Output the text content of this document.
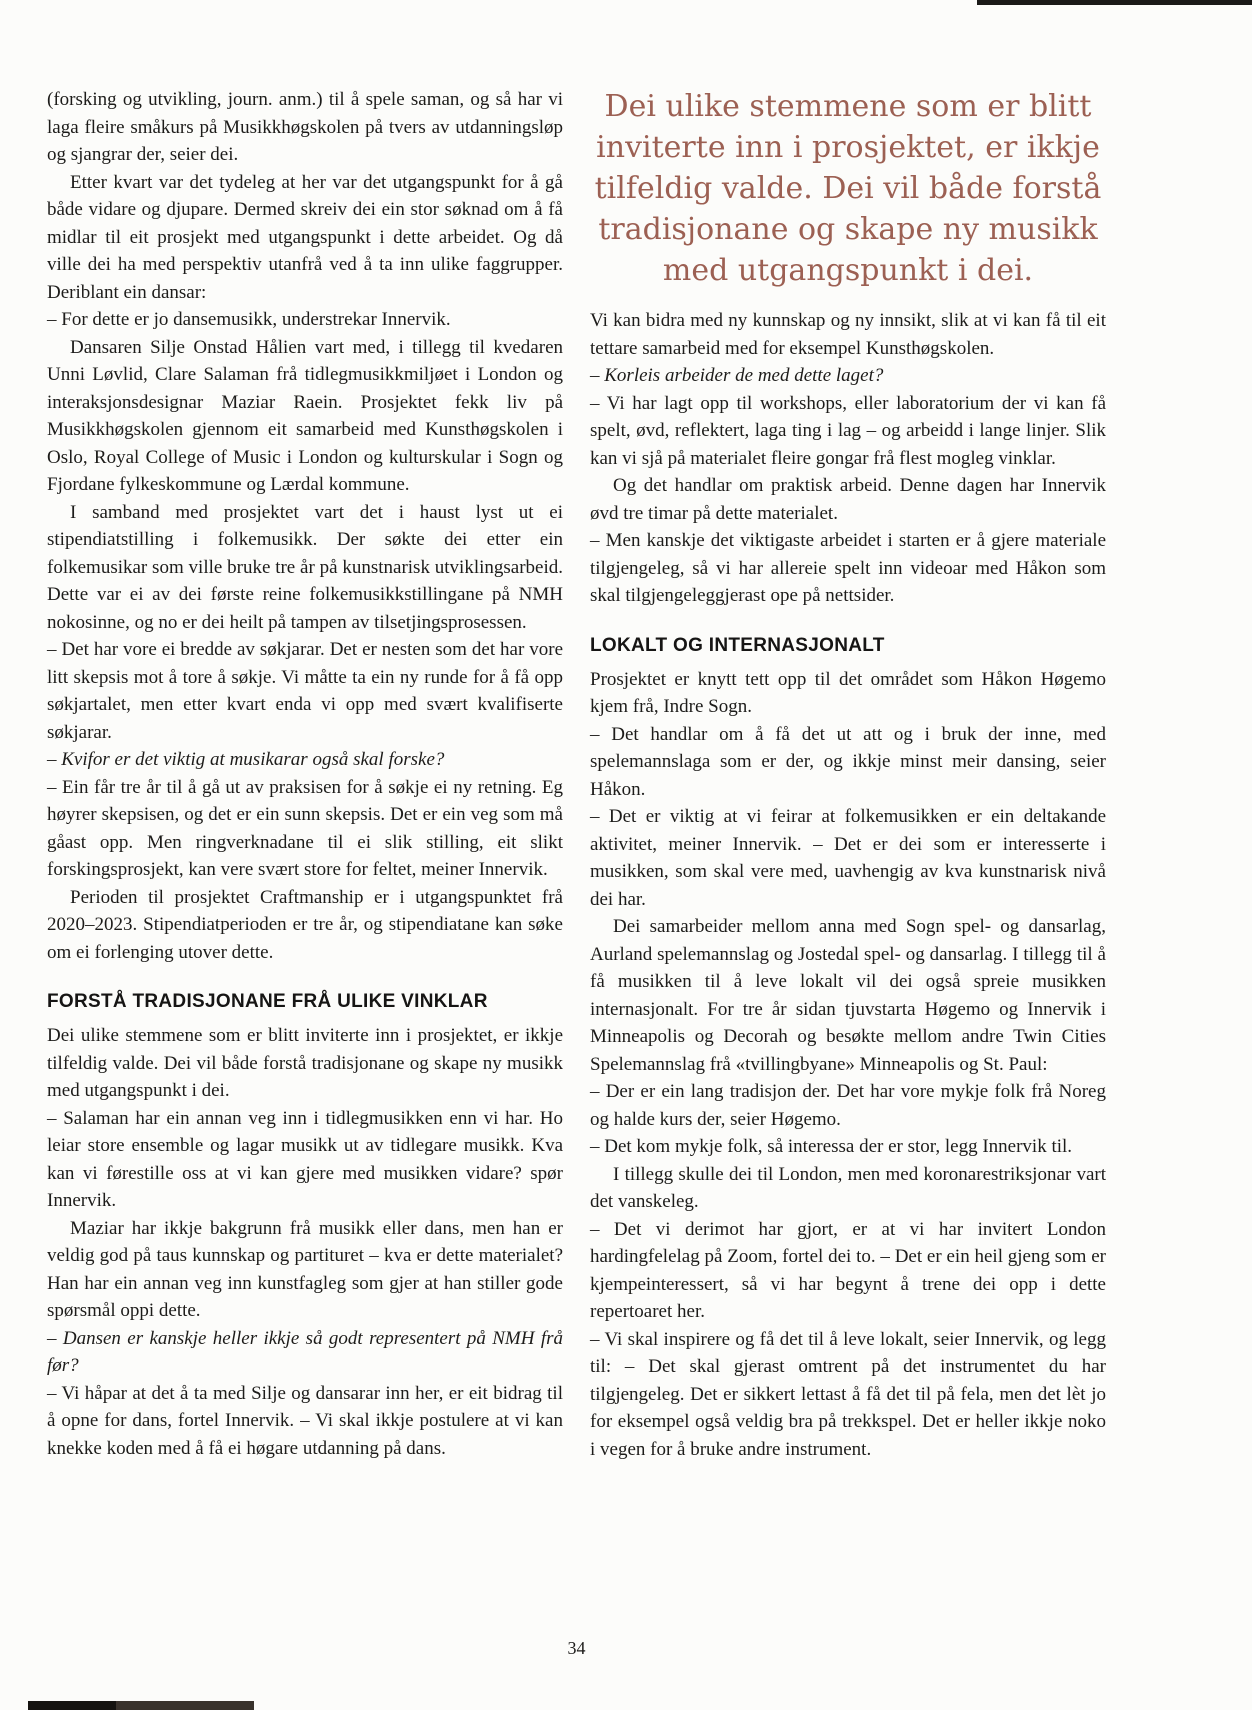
(forsking og utvikling, journ. anm.) til å spele saman, og så har vi laga fleire småkurs på Musikkhøgskolen på tvers av utdanningsløp og sjangrar der, seier dei.

Etter kvart var det tydeleg at her var det utgangspunkt for å gå både vidare og djupare. Dermed skreiv dei ein stor søknad om å få midlar til eit prosjekt med utgangspunkt i dette arbeidet. Og då ville dei ha med perspektiv utanfrå ved å ta inn ulike faggrupper. Deriblant ein dansar:

– For dette er jo dansemusikk, understrekar Innervik.

Dansaren Silje Onstad Hålien vart med, i tillegg til kvedaren Unni Løvlid, Clare Salaman frå tidlegmusikkmiljøet i London og interaksjonsdesignar Maziar Raein. Prosjektet fekk liv på Musikkhøgskolen gjennom eit samarbeid med Kunsthøgskolen i Oslo, Royal College of Music i London og kulturskular i Sogn og Fjordane fylkeskommune og Lærdal kommune.

I samband med prosjektet vart det i haust lyst ut ei stipendiatstilling i folkemusikk. Der søkte dei etter ein folkemusikar som ville bruke tre år på kunstnarisk utviklingsarbeid. Dette var ei av dei første reine folkemusikkstillingane på NMH nokosinne, og no er dei heilt på tampen av tilsetjingsprosessen.

– Det har vore ei bredde av søkjarar. Det er nesten som det har vore litt skepsis mot å tore å søkje. Vi måtte ta ein ny runde for å få opp søkjartalet, men etter kvart enda vi opp med svært kvalifiserte søkjarar.

– Kvifor er det viktig at musikarar også skal forske?

– Ein får tre år til å gå ut av praksisen for å søkje ei ny retning. Eg høyrer skepsisen, og det er ein sunn skepsis. Det er ein veg som må gåast opp. Men ringverknadane til ei slik stilling, eit slikt forskingsprosjekt, kan vere svært store for feltet, meiner Innervik.

Perioden til prosjektet Craftmanship er i utgangspunktet frå 2020–2023. Stipendiatperioden er tre år, og stipendiatane kan søke om ei forlenging utover dette.

FORSTÅ TRADISJONANE FRÅ ULIKE VINKLAR

Dei ulike stemmene som er blitt inviterte inn i prosjektet, er ikkje tilfeldig valde. Dei vil både forstå tradisjonane og skape ny musikk med utgangspunkt i dei.

– Salaman har ein annan veg inn i tidlegmusikken enn vi har. Ho leiar store ensemble og lagar musikk ut av tidlegare musikk. Kva kan vi førestille oss at vi kan gjere med musikken vidare? spør Innervik.

Maziar har ikkje bakgrunn frå musikk eller dans, men han er veldig god på taus kunnskap og partituret – kva er dette materialet? Han har ein annan veg inn kunstfagleg som gjer at han stiller gode spørsmål oppi dette.

– Dansen er kanskje heller ikkje så godt representert på NMH frå før?

– Vi håpar at det å ta med Silje og dansarar inn her, er eit bidrag til å opne for dans, fortel Innervik. – Vi skal ikkje postulere at vi kan knekke koden med å få ei høgare utdanning på dans.

Dei ulike stemmene som er blitt inviterte inn i prosjektet, er ikkje tilfeldig valde. Dei vil både forstå tradisjonane og skape ny musikk med utgangspunkt i dei.

Vi kan bidra med ny kunnskap og ny innsikt, slik at vi kan få til eit tettare samarbeid med for eksempel Kunsthøgskolen.

– Korleis arbeider de med dette laget?

– Vi har lagt opp til workshops, eller laboratorium der vi kan få spelt, øvd, reflektert, laga ting i lag – og arbeidd i lange linjer. Slik kan vi sjå på materialet fleire gongar frå flest mogleg vinklar.

Og det handlar om praktisk arbeid. Denne dagen har Innervik øvd tre timar på dette materialet.

– Men kanskje det viktigaste arbeidet i starten er å gjere materiale tilgjengeleg, så vi har allereie spelt inn videoar med Håkon som skal tilgjengeleggjerast ope på nettsider.

LOKALT OG INTERNASJONALT

Prosjektet er knytt tett opp til det området som Håkon Høgemo kjem frå, Indre Sogn.

– Det handlar om å få det ut att og i bruk der inne, med spelemannslaga som er der, og ikkje minst meir dansing, seier Håkon.

– Det er viktig at vi feirar at folkemusikken er ein deltakande aktivitet, meiner Innervik. – Det er dei som er interesserte i musikken, som skal vere med, uavhengig av kva kunstnarisk nivå dei har.

Dei samarbeider mellom anna med Sogn spel- og dansarlag, Aurland spelemannslag og Jostedal spel- og dansarlag. I tillegg til å få musikken til å leve lokalt vil dei også spreie musikken internasjonalt. For tre år sidan tjuvstarta Høgemo og Innervik i Minneapolis og Decorah og besøkte mellom andre Twin Cities Spelemannslag frå «tvillingbyane» Minneapolis og St. Paul:

– Der er ein lang tradisjon der. Det har vore mykje folk frå Noreg og halde kurs der, seier Høgemo.

– Det kom mykje folk, så interessa der er stor, legg Innervik til.

I tillegg skulle dei til London, men med koronarestriksjonar vart det vanskeleg.

– Det vi derimot har gjort, er at vi har invitert London hardingfelelag på Zoom, fortel dei to. – Det er ein heil gjeng som er kjempeinteressert, så vi har begynt å trene dei opp i dette repertoaret her.

– Vi skal inspirere og få det til å leve lokalt, seier Innervik, og legg til: – Det skal gjerast omtrent på det instrumentet du har tilgjengeleg. Det er sikkert lettast å få det til på fela, men det lèt jo for eksempel også veldig bra på trekkspel. Det er heller ikkje noko i vegen for å bruke andre instrument.

34
